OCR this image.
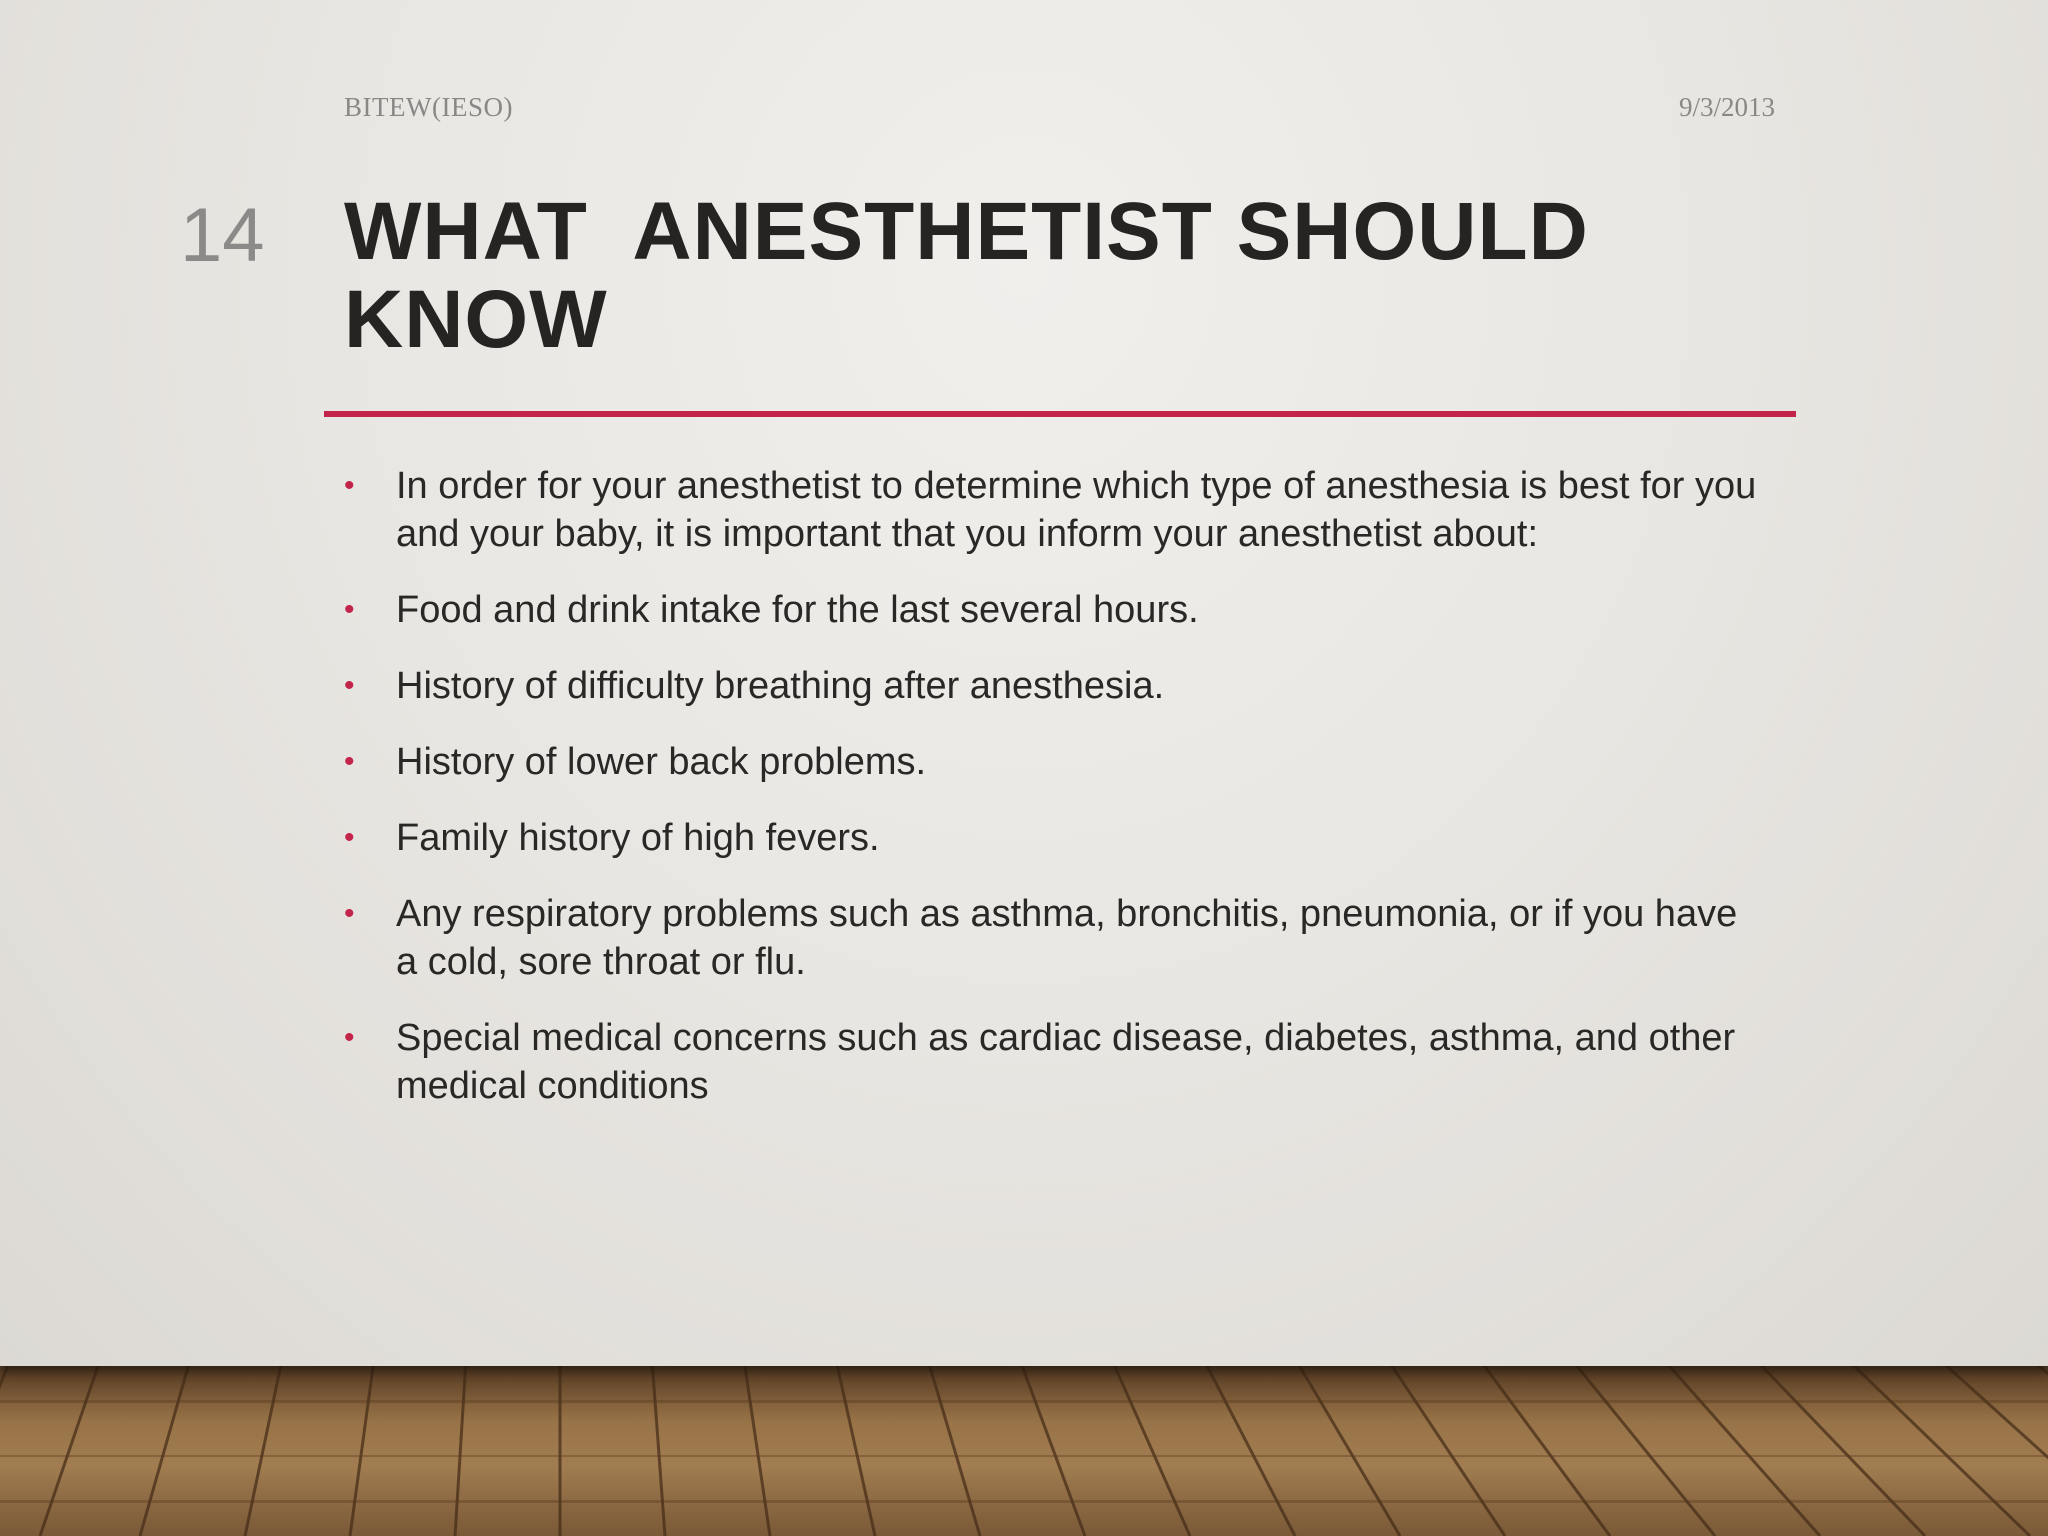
BITEW(IESO)	9/3/2013
14 WHAT  ANESTHETIST SHOULD KNOW
• In order for your anesthetist to determine which type of anesthesia is best for you and your baby, it is important that you inform your anesthetist about:
• Food and drink intake for the last several hours.
• History of difficulty breathing after anesthesia.
• History of lower back problems.
• Family history of high fevers.
• Any respiratory problems such as asthma, bronchitis, pneumonia, or if you have a cold, sore throat or flu.
• Special medical concerns such as cardiac disease, diabetes, asthma, and other medical conditions
